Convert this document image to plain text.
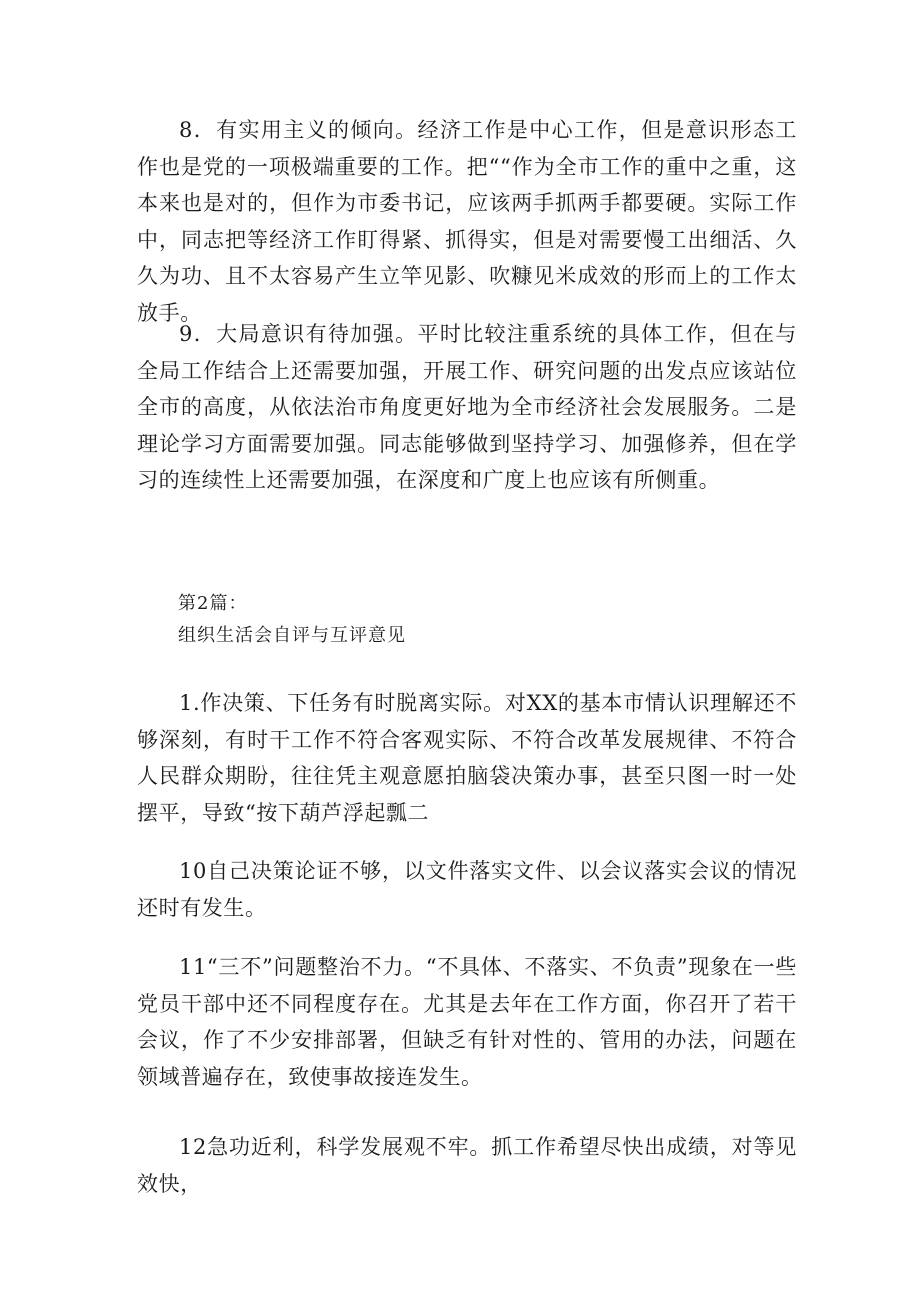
8．有实用主义的倾向。经济工作是中心工作，但是意识形态工作也是党的一项极端重要的工作。把““作为全市工作的重中之重，这本来也是对的，但作为市委书记，应该两手抓两手都要硬。实际工作中，同志把等经济工作盯得紧、抓得实，但是对需要慢工出细活、久久为功、且不太容易产生立竿见影、吹糠见米成效的形而上的工作太放手。

9．大局意识有待加强。平时比较注重系统的具体工作，但在与全局工作结合上还需要加强，开展工作、研究问题的出发点应该站位全市的高度，从依法治市角度更好地为全市经济社会发展服务。二是理论学习方面需要加强。同志能够做到坚持学习、加强修养，但在学习的连续性上还需要加强，在深度和广度上也应该有所侧重。

第2篇：
组织生活会自评与互评意见

1.作决策、下任务有时脱离实际。对XX的基本市情认识理解还不够深刻，有时干工作不符合客观实际、不符合改革发展规律、不符合人民群众期盼，往往凭主观意愿拍脑袋决策办事，甚至只图一时一处摆平，导致“按下葫芦浮起瓢二

10自己决策论证不够，以文件落实文件、以会议落实会议的情况还时有发生。

11“三不”问题整治不力。“不具体、不落实、不负责”现象在一些党员干部中还不同程度存在。尤其是去年在工作方面，你召开了若干会议，作了不少安排部署，但缺乏有针对性的、管用的办法，问题在领域普遍存在，致使事故接连发生。

12急功近利，科学发展观不牢。抓工作希望尽快出成绩，对等见效快，
